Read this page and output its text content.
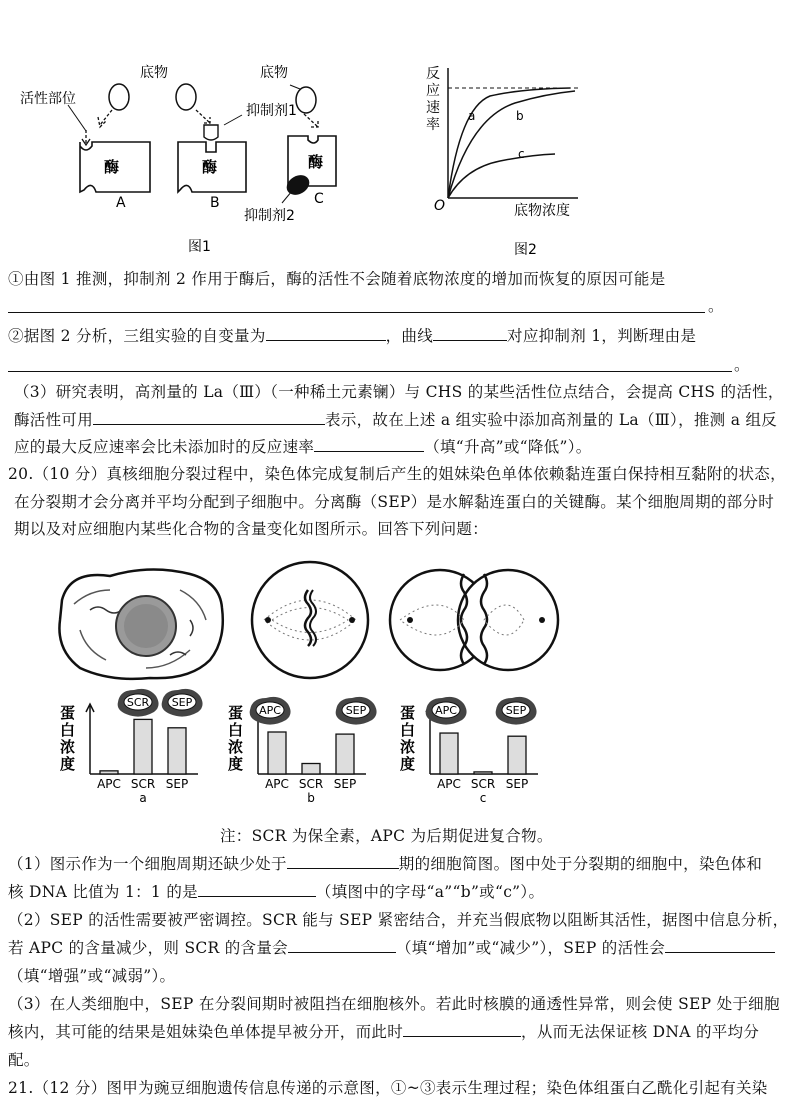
底物
活性部位
抑制剂1
底物
抑制剂2
酶	酶	酶
A	B	C
图1
反
应
速
率
a	b
c
O	底物浓度
图2
①由图 1 推测，抑制剂 2 作用于酶后，酶的活性不会随着底物浓度的增加而恢复的原因可能是
。
②据图 2 分析，三组实验的自变量为	，曲线	对应抑制剂 1，判断理由是
。
（3）研究表明，高剂量的 La（Ⅲ）（一种稀土元素镧）与 CHS 的某些活性位点结合，会提高 CHS 的活性，
酶活性可用	表示，故在上述 a 组实验中添加高剂量的 La（Ⅲ），推测 a 组反
应的最大反应速率会比未添加时的反应速率	（填“升高”或“降低”）。
20.（10 分）真核细胞分裂过程中，染色体完成复制后产生的姐妹染色单体依赖黏连蛋白保持相互黏附的状态，
在分裂期才会分离并平均分配到子细胞中。分离酶（SEP）是水解黏连蛋白的关键酶。某个细胞周期的部分时
期以及对应细胞内某些化合物的含量变化如图所示。回答下列问题：
蛋
白
浓
度
APC SCR SEP
a
蛋
白
浓
度
APC SCR SEP
b
蛋
白
浓
度
APC SCR SEP
c
SCR SEP
APC	SEP	APC	SEP
注：SCR 为保全素，APC 为后期促进复合物。
（1）图示作为一个细胞周期还缺少处于	期的细胞简图。图中处于分裂期的细胞中，染色体和
核 DNA 比值为 1：1 的是	（填图中的字母“a”“b”或“c”）。
（2）SEP 的活性需要被严密调控。SCR 能与 SEP 紧密结合，并充当假底物以阻断其活性，据图中信息分析，
若 APC 的含量减少，则 SCR 的含量会	（填“增加”或“减少”），SEP 的活性会
（填“增强”或“减弱”）。
（3）在人类细胞中，SEP 在分裂间期时被阻挡在细胞核外。若此时核膜的通透性异常，则会使 SEP 处于细胞
核内，其可能的结果是姐妹染色单体提早被分开，而此时	，从而无法保证核 DNA 的平均分
配。
21.（12 分）图甲为豌豆细胞遗传信息传递的示意图，①~③表示生理过程；染色体组蛋白乙酰化引起有关染
